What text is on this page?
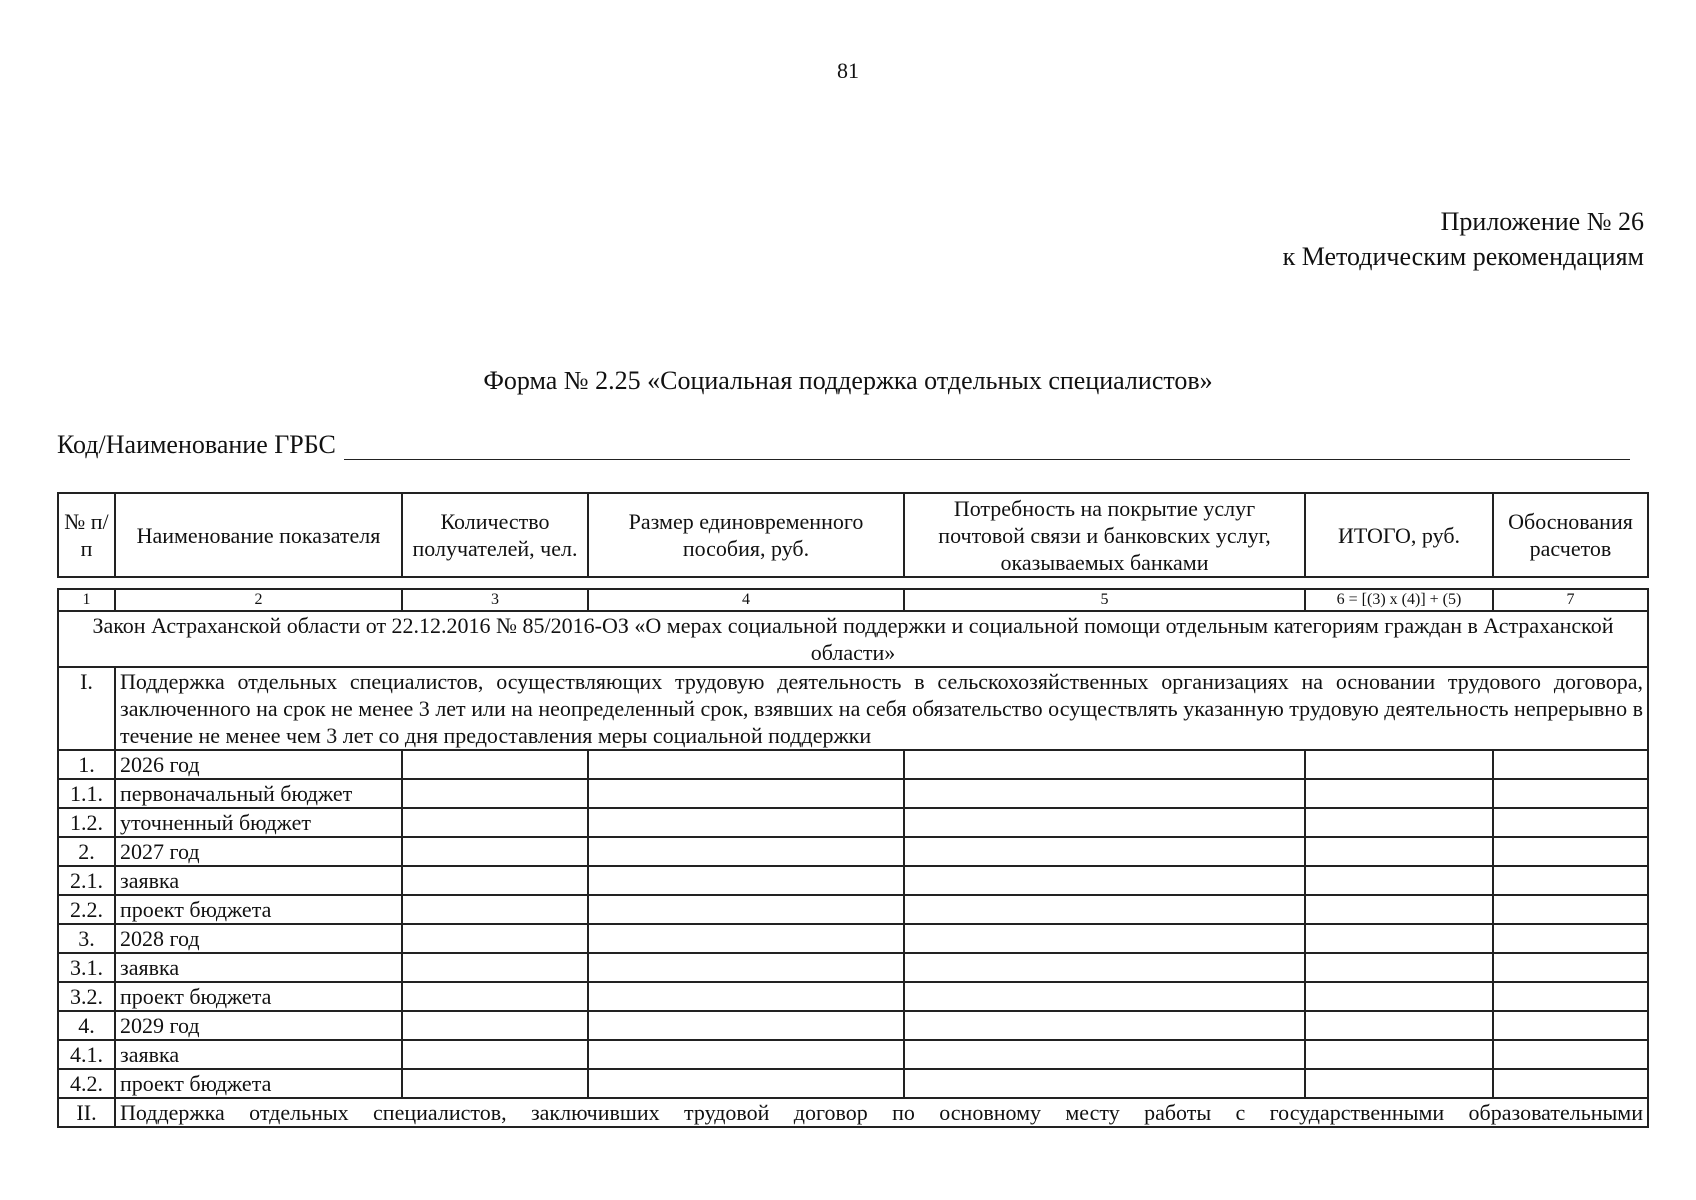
81
Приложение № 26
к Методическим рекомендациям
Форма № 2.25 «Социальная поддержка отдельных специалистов»
Код/Наименование ГРБС
№ п/п	Наименование показателя	Количество получателей, чел.	Размер единовременного пособия, руб.	Потребность на покрытие услуг почтовой связи и банковских услуг, оказываемых банками	ИТОГО, руб.	Обоснования расчетов
1	2	3	4	5	6 = [(3) x (4)] + (5)	7
Закон Астраханской области от 22.12.2016 № 85/2016-ОЗ «О мерах социальной поддержки и социальной помощи отдельным категориям граждан в Астраханской области»						
I.	Поддержка отдельных специалистов, осуществляющих трудовую деятельность в сельскохозяйственных организациях на основании трудового договора, заключенного на срок не менее 3 лет или на неопределенный срок, взявших на себя обязательство осуществлять указанную трудовую деятельность непрерывно в течение не менее чем 3 лет со дня предоставления меры социальной поддержки					
1.	2026 год					
1.1.	первоначальный бюджет					
1.2.	уточненный бюджет					
2.	2027 год					
2.1.	заявка					
2.2.	проект бюджета					
3.	2028 год					
3.1.	заявка					
3.2.	проект бюджета					
4.	2029 год					
4.1.	заявка					
4.2.	проект бюджета					
II.	Поддержка отдельных специалистов, заключивших трудовой договор по основному месту работы с государственными образовательными					
